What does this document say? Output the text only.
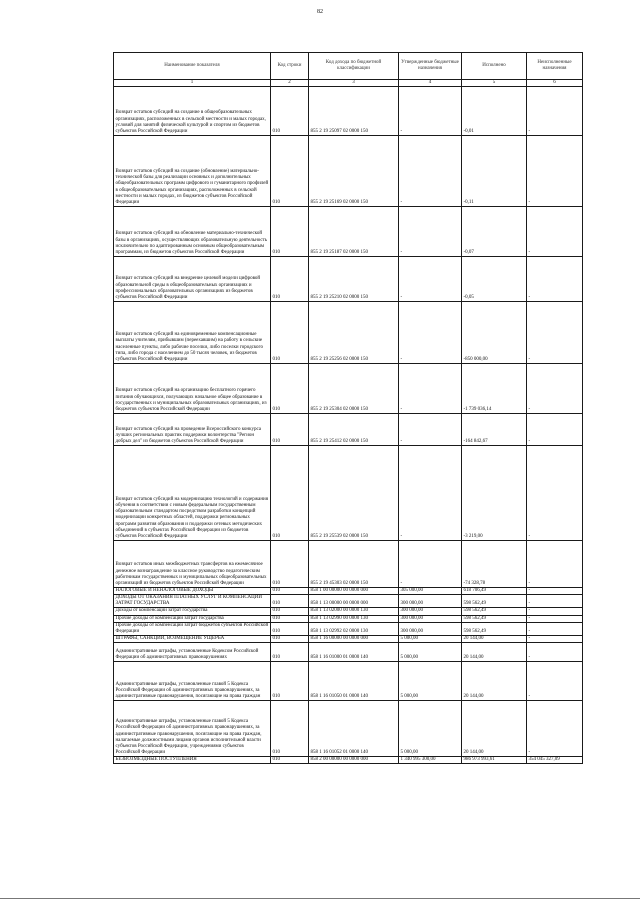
82
Наименование показателя	Код строки	Код дохода по бюджетной классификации	Утвержденные бюджетные назначения	Исполнено	Неисполненные назначения
1	2	3	4	5	6
Возврат остатков субсидий на создание в общеобразовательных организациях, расположенных в сельской местности и малых городах, условий для занятий физической культурой и спортом из бюджетов субъектов Российской Федерации	010	855 2 19 25097 02 0000 150	-	-0,01	-
Возврат остатков субсидий на создание (обновление) материально-технической базы для реализации основных и дополнительных общеобразовательных программ цифрового и гуманитарного профилей в общеобразовательных организациях, расположенных в сельской местности и малых городах, из бюджетов субъектов Российской Федерации	010	855 2 19 25169 02 0000 150	-	-0,11	-
Возврат остатков субсидий на обновление материально-технической базы в организациях, осуществляющих образовательную деятельность исключительно по адаптированным основным общеобразовательным программам, из бюджетов субъектов Российской Федерации	010	855 2 19 25187 02 0000 150	-	-0,07	-
Возврат остатков субсидий на внедрение целевой модели цифровой образовательной среды в общеобразовательных организациях и профессиональных образовательных организациях из бюджетов субъектов Российской Федерации	010	855 2 19 25210 02 0000 150	-	-0,05	-
Возврат остатков субсидий на единовременные компенсационные выплаты учителям, прибывшим (переехавшим) на работу в сельские населенные пункты, либо рабочие поселки, либо поселки городского типа, либо города с населением до 50 тысяч человек, из бюджетов субъектов Российской Федерации	010	855 2 19 25256 02 0000 150	-	-850 000,00	-
Возврат остатков субсидий на организацию бесплатного горячего питания обучающихся, получающих начальное общее образование в государственных и муниципальных образовательных организациях, из бюджетов субъектов Российской Федерации	010	855 2 19 25304 02 0000 150	-	-1 739 036,14	-
Возврат остатков субсидий на проведение Всероссийского конкурса лучших региональных практик поддержки волонтерства "Регион добрых дел" из бюджетов субъектов Российской Федерации	010	855 2 19 25412 02 0000 150	-	-164 842,67	-
Возврат остатков субсидий на модернизацию технологий и содержания обучения в соответствии с новым федеральным государственным образовательным стандартом посредством разработки концепций модернизации конкретных областей, поддержки региональных программ развития образования и поддержки сетевых методических объединений в субъектах Российской Федерации из бюджетов субъектов Российской Федерации	010	855 2 19 25539 02 0000 150	-	-3 219,00	-
Возврат остатков иных межбюджетных трансфертов на ежемесячное денежное вознаграждение за классное руководство педагогическим работникам государственных и муниципальных общеобразовательных организаций из бюджетов субъектов Российской Федерации	010	855 2 19 45303 02 0000 150	-	-74 328,78	-
НАЛОГОВЫЕ И НЕНАЛОГОВЫЕ ДОХОДЫ	010	858 1 00 00000 00 0000 000	305 000,00	618 706,49	-
ДОХОДЫ ОТ ОКАЗАНИЯ ПЛАТНЫХ УСЛУГ И КОМПЕНСАЦИИ ЗАТРАТ ГОСУДАРСТВА	010	858 1 13 00000 00 0000 000	300 000,00	598 562,49	-
Доходы от компенсации затрат государства	010	858 1 13 02000 00 0000 130	300 000,00	598 562,49	-
Прочие доходы от компенсации затрат государства	010	858 1 13 02990 00 0000 130	300 000,00	598 562,49	-
Прочие доходы от компенсации затрат бюджетов субъектов Российской Федерации	010	858 1 13 02992 02 0000 130	300 000,00	598 562,49	-
ШТРАФЫ, САНКЦИИ, ВОЗМЕЩЕНИЕ УЩЕРБА	010	858 1 16 00000 00 0000 000	5 000,00	20 144,00	-
Административные штрафы, установленные Кодексом Российской Федерации об административных правонарушениях	010	858 1 16 01000 01 0000 140	5 000,00	20 144,00	-
Административные штрафы, установленные главой 5 Кодекса Российской Федерации об административных правонарушениях, за административные правонарушения, посягающие на права граждан	010	858 1 16 01050 01 0000 140	5 000,00	20 144,00	-
Административные штрафы, установленные главой 5 Кодекса Российской Федерации об административных правонарушениях, за административные правонарушения, посягающие на права граждан, налагаемые должностными лицами органов исполнительной власти субъектов Российской Федерации, учреждениями субъектов Российской Федерации	010	858 1 16 01052 01 0000 140	5 000,00	20 144,00	-
БЕЗВОЗМЕЗДНЫЕ ПОСТУПЛЕНИЯ	010	858 2 00 00000 00 0000 000	1 340 995 300,00	986 973 993,61	354 045 327,09
